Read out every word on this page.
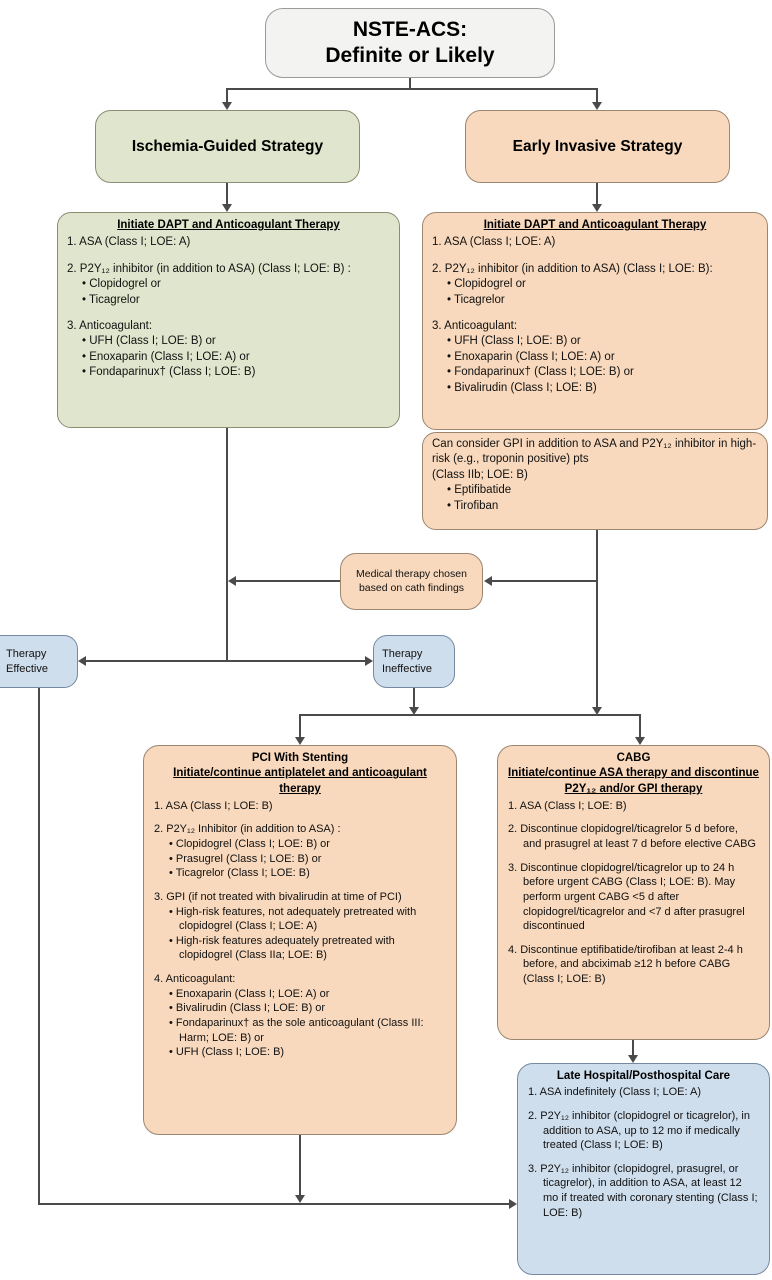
NSTE-ACS:
Definite or Likely
Ischemia-Guided Strategy	Early Invasive Strategy
Initiate DAPT and Anticoagulant Therapy
1. ASA (Class I; LOE: A)
2. P2Y₁₂ inhibitor (in addition to ASA) (Class I; LOE: B) :
• Clopidogrel or
• Ticagrelor
3. Anticoagulant:
• UFH (Class I; LOE: B) or
• Enoxaparin (Class I; LOE: A) or
• Fondaparinux† (Class I; LOE: B)
Initiate DAPT and Anticoagulant Therapy
1. ASA (Class I; LOE: A)
2. P2Y₁₂ inhibitor (in addition to ASA) (Class I; LOE: B):
• Clopidogrel or
• Ticagrelor
3. Anticoagulant:
• UFH (Class I; LOE: B) or
• Enoxaparin (Class I; LOE: A) or
• Fondaparinux† (Class I; LOE: B) or
• Bivalirudin (Class I; LOE: B)
Can consider GPI in addition to ASA and P2Y₁₂ inhibitor in high-risk (e.g., troponin positive) pts
(Class IIb; LOE: B)
• Eptifibatide
• Tirofiban
Medical therapy chosen based on cath findings
Therapy Effective
Therapy Ineffective
PCI With Stenting
Initiate/continue antiplatelet and anticoagulant therapy
1. ASA (Class I; LOE: B)
2. P2Y₁₂ Inhibitor (in addition to ASA) :
• Clopidogrel (Class I; LOE: B) or
• Prasugrel (Class I; LOE: B) or
• Ticagrelor (Class I; LOE: B)
3. GPI (if not treated with bivalirudin at time of PCI)
• High-risk features, not adequately pretreated with clopidogrel (Class I; LOE: A)
• High-risk features adequately pretreated with clopidogrel (Class IIa; LOE: B)
4. Anticoagulant:
• Enoxaparin (Class I; LOE: A) or
• Bivalirudin (Class I; LOE: B) or
• Fondaparinux† as the sole anticoagulant (Class III: Harm; LOE: B) or
• UFH (Class I; LOE: B)
CABG
Initiate/continue ASA therapy and discontinue P2Y₁₂ and/or GPI therapy
1. ASA (Class I; LOE: B)
2. Discontinue clopidogrel/ticagrelor 5 d before, and prasugrel at least 7 d before elective CABG
3. Discontinue clopidogrel/ticagrelor up to 24 h before urgent CABG (Class I; LOE: B). May perform urgent CABG <5 d after clopidogrel/ticagrelor and <7 d after prasugrel discontinued
4. Discontinue eptifibatide/tirofiban at least 2-4 h before, and abciximab ≥12 h before CABG (Class I; LOE: B)
Late Hospital/Posthospital Care
1. ASA indefinitely (Class I; LOE: A)
2. P2Y₁₂ inhibitor (clopidogrel or ticagrelor), in addition to ASA, up to 12 mo if medically treated (Class I; LOE: B)
3. P2Y₁₂ inhibitor (clopidogrel, prasugrel, or ticagrelor), in addition to ASA, at least 12 mo if treated with coronary stenting (Class I; LOE: B)
